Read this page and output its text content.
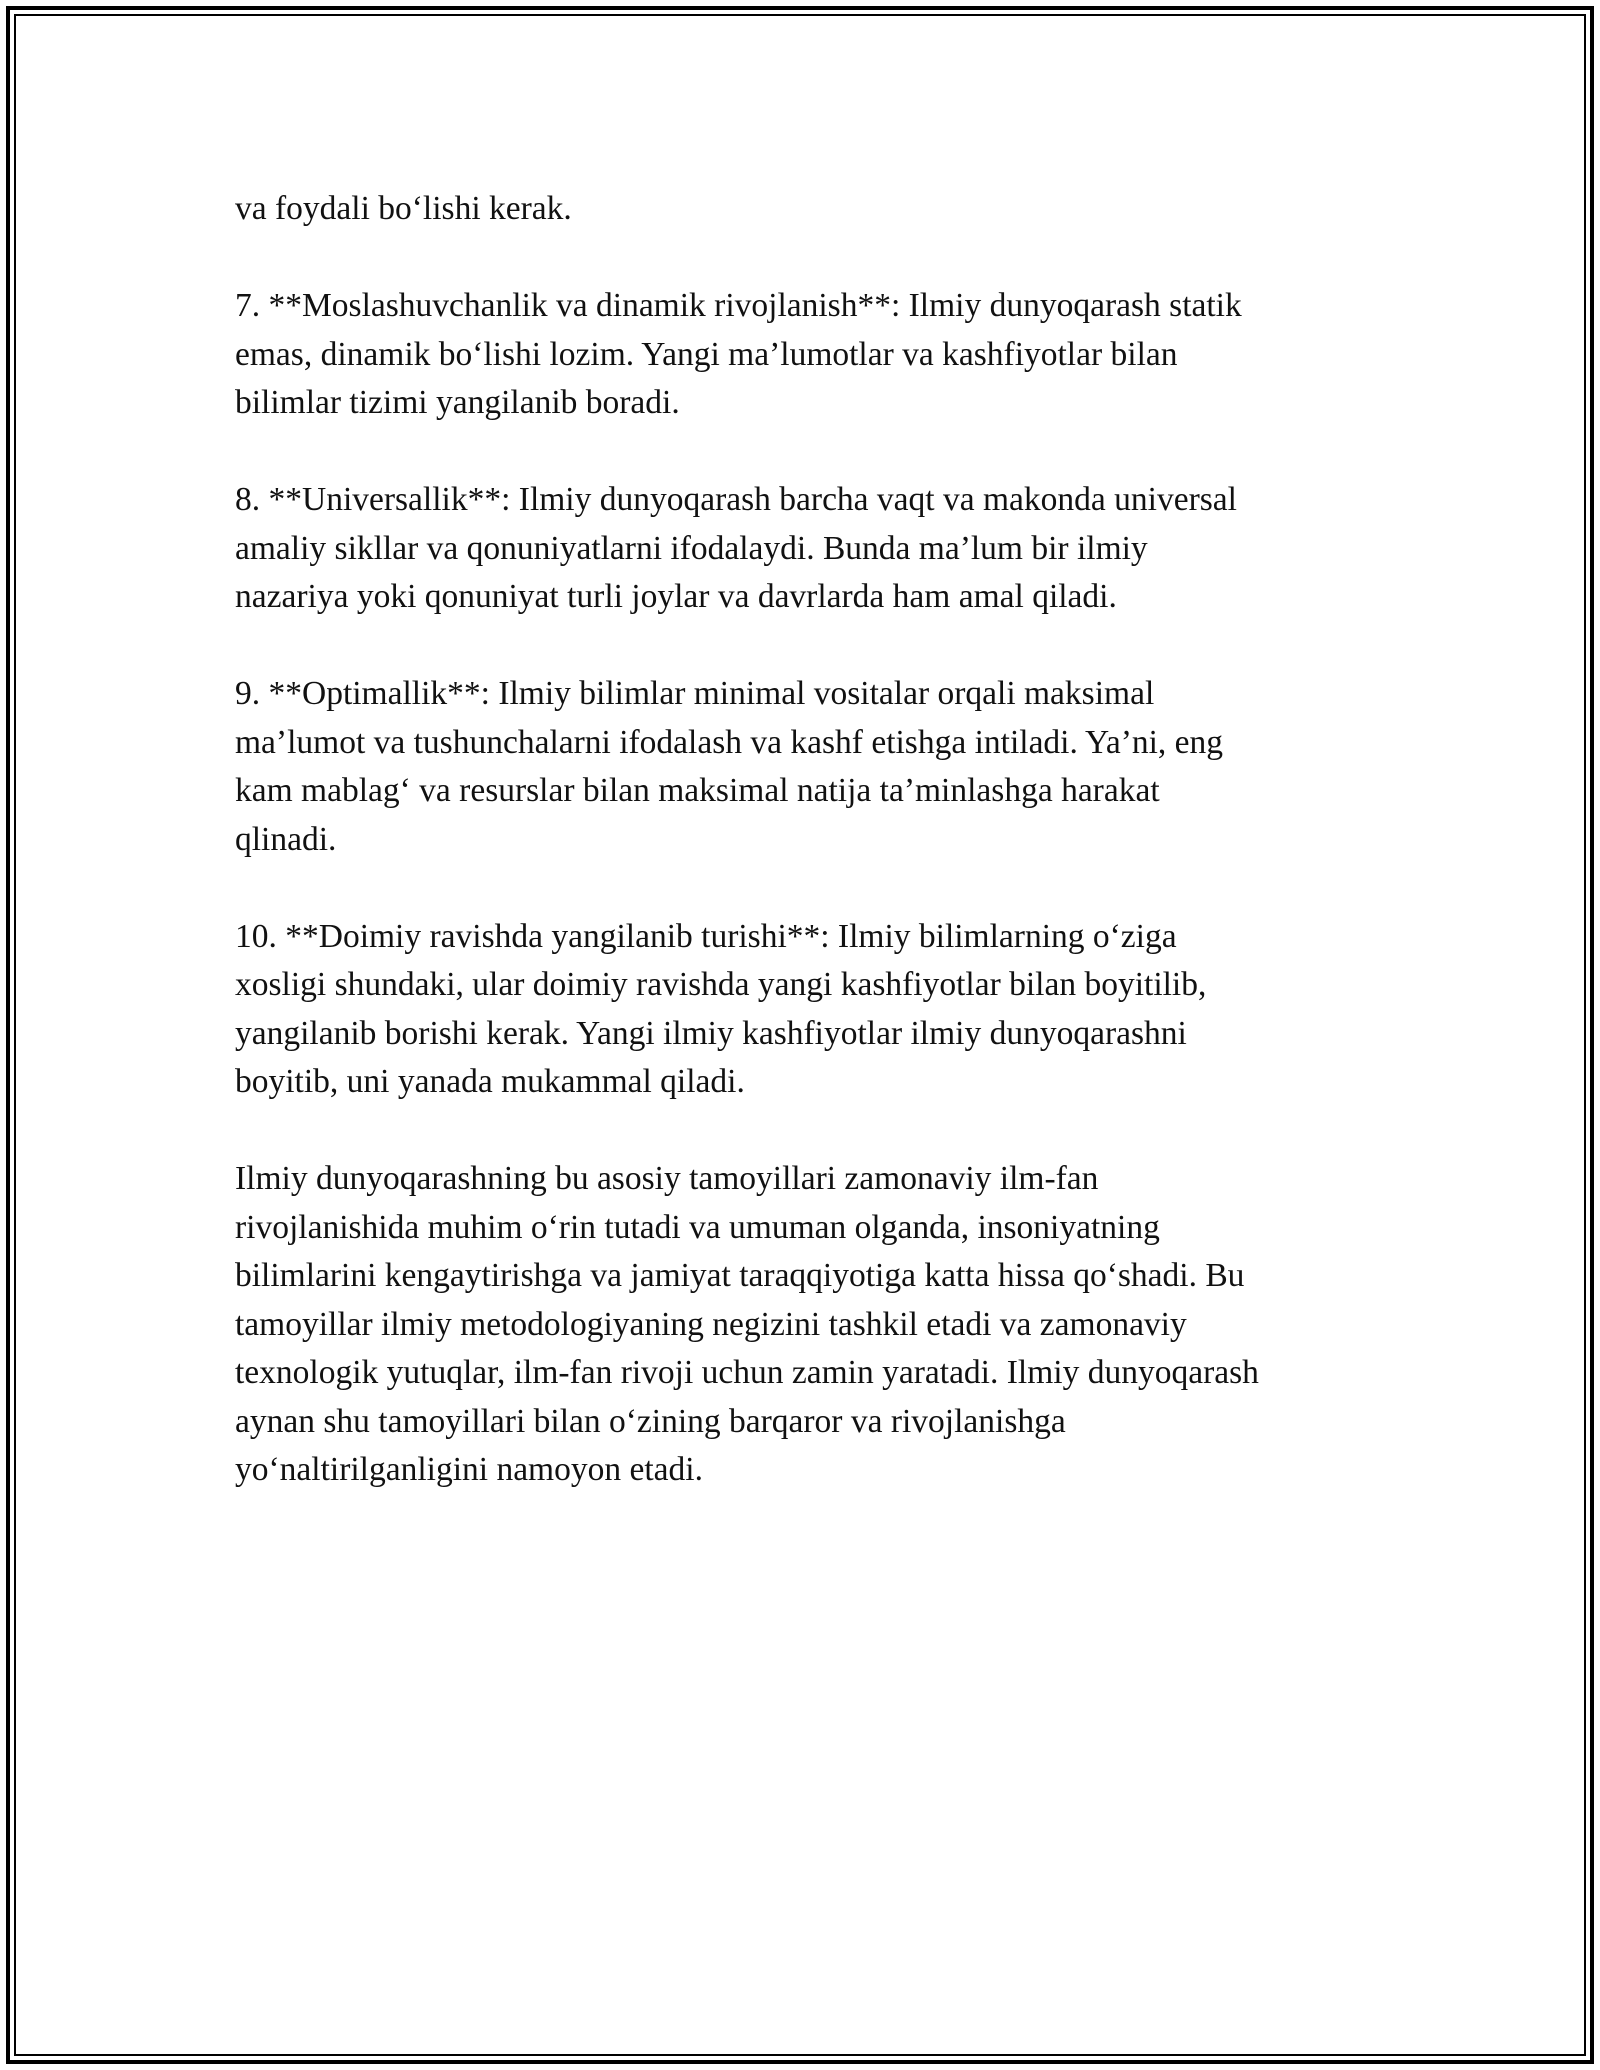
va foydali bo‘lishi kerak.

7. **Moslashuvchanlik va dinamik rivojlanish**: Ilmiy dunyoqarash statik
emas, dinamik bo‘lishi lozim. Yangi ma’lumotlar va kashfiyotlar bilan
bilimlar tizimi yangilanib boradi.

8. **Universallik**: Ilmiy dunyoqarash barcha vaqt va makonda universal
amaliy sikllar va qonuniyatlarni ifodalaydi. Bunda ma’lum bir ilmiy
nazariya yoki qonuniyat turli joylar va davrlarda ham amal qiladi.

9. **Optimallik**: Ilmiy bilimlar minimal vositalar orqali maksimal
ma’lumot va tushunchalarni ifodalash va kashf etishga intiladi. Ya’ni, eng
kam mablag‘ va resurslar bilan maksimal natija ta’minlashga harakat
qlinadi.

10. **Doimiy ravishda yangilanib turishi**: Ilmiy bilimlarning o‘ziga
xosligi shundaki, ular doimiy ravishda yangi kashfiyotlar bilan boyitilib,
yangilanib borishi kerak. Yangi ilmiy kashfiyotlar ilmiy dunyoqarashni
boyitib, uni yanada mukammal qiladi.

Ilmiy dunyoqarashning bu asosiy tamoyillari zamonaviy ilm-fan
rivojlanishida muhim o‘rin tutadi va umuman olganda, insoniyatning
bilimlarini kengaytirishga va jamiyat taraqqiyotiga katta hissa qo‘shadi. Bu
tamoyillar ilmiy metodologiyaning negizini tashkil etadi va zamonaviy
texnologik yutuqlar, ilm-fan rivoji uchun zamin yaratadi. Ilmiy dunyoqarash
aynan shu tamoyillari bilan o‘zining barqaror va rivojlanishga
yo‘naltirilganligini namoyon etadi.
